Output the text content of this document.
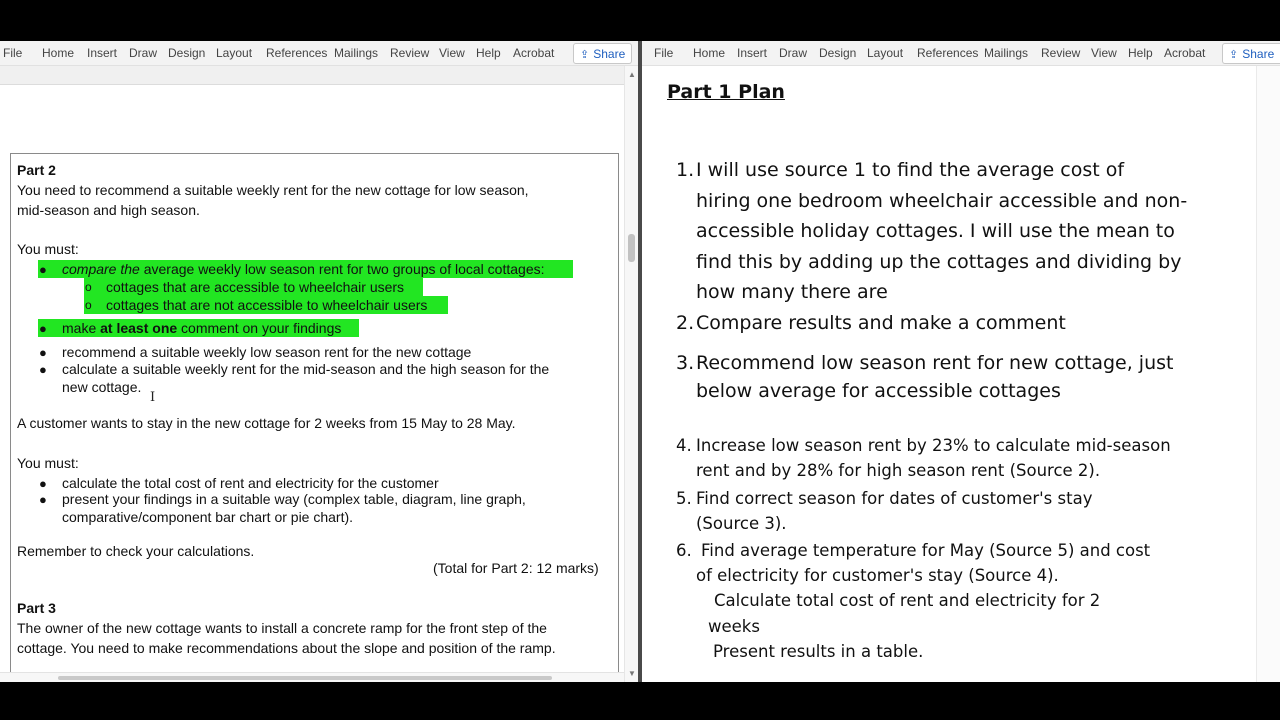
File Home Insert Draw Design Layout References Mailings Review View Help Acrobat	⇪ Share
Part 2
You need to recommend a suitable weekly rent for the new cottage for low season,
mid-season and high season.
You must:
● compare the average weekly low season rent for two groups of local cottages:
o cottages that are accessible to wheelchair users
o cottages that are not accessible to wheelchair users
● make at least one comment on your findings
● recommend a suitable weekly low season rent for the new cottage
● calculate a suitable weekly rent for the mid-season and the high season for the
new cottage.
I
A customer wants to stay in the new cottage for 2 weeks from 15 May to 28 May.
You must:
● calculate the total cost of rent and electricity for the customer
● present your findings in a suitable way (complex table, diagram, line graph,
comparative/component bar chart or pie chart).
Remember to check your calculations.
(Total for Part 2: 12 marks)
Part 3
The owner of the new cottage wants to install a concrete ramp for the front step of the
cottage. You need to make recommendations about the slope and position of the ramp.
▲
▼
File Home Insert Draw Design Layout References Mailings Review View Help Acrobat	⇪ Share
Part 1 Plan
1. I will use source 1 to find the average cost of
hiring one bedroom wheelchair accessible and non-
accessible holiday cottages. I will use the mean to
find this by adding up the cottages and dividing by
how many there are
2. Compare results and make a comment
3. Recommend low season rent for new cottage, just
below average for accessible cottages
4. Increase low season rent by 23% to calculate mid-season
rent and by 28% for high season rent (Source 2).
5. Find correct season for dates of customer's stay
(Source 3).
6. Find average temperature for May (Source 5) and cost
of electricity for customer's stay (Source 4).
Calculate total cost of rent and electricity for 2
weeks
Present results in a table.
